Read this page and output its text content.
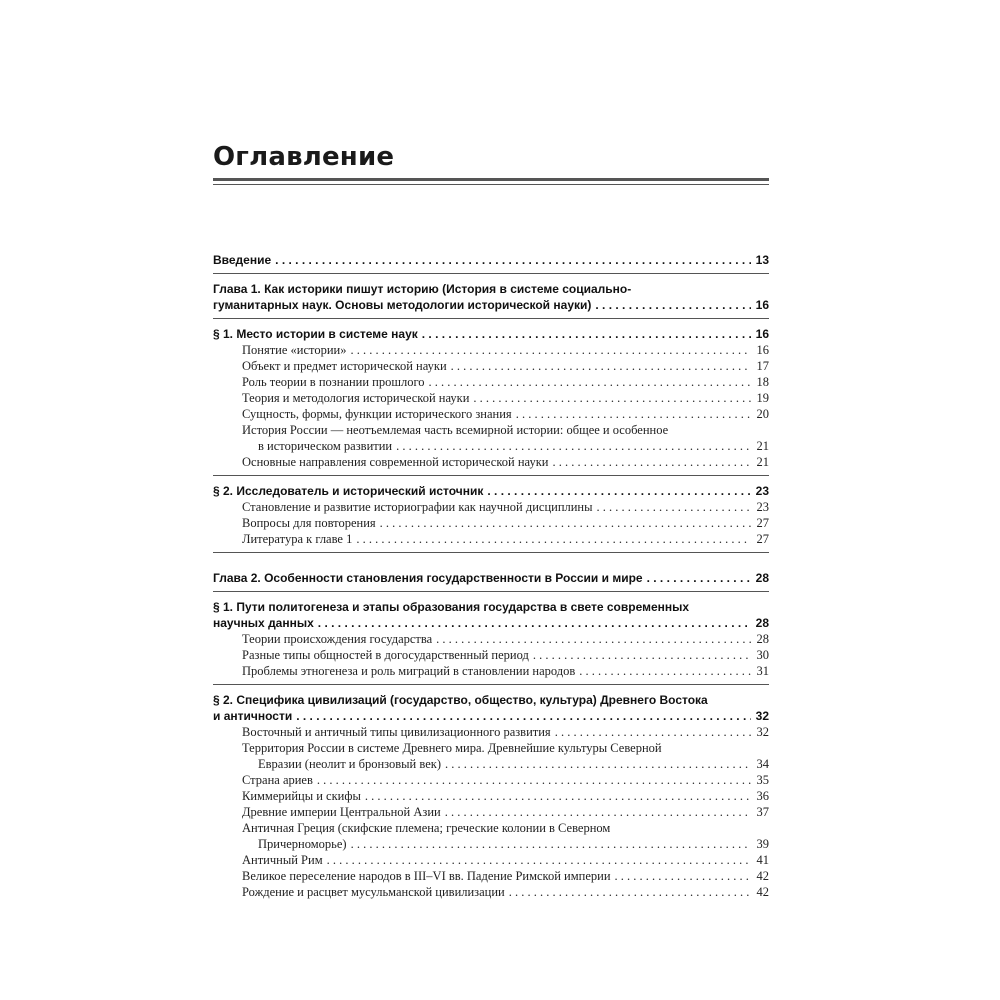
Оглавление
Введение . . .	13
Глава 1. Как историки пишут историю (История в системе социально-
гуманитарных наук. Основы методологии исторической науки) . . .	16
§ 1. Место истории в системе наук . . .	16
Понятие «истории» . . .	16
Объект и предмет исторической науки . . .	17
Роль теории в познании прошлого . . .	18
Теория и методология исторической науки . . .	19
Сущность, формы, функции исторического знания . . .	20
История России — неотъемлемая часть всемирной истории: общее и особенное
в историческом развитии . . .	21
Основные направления современной исторической науки . . .	21
§ 2. Исследователь и исторический источник . . .	23
Становление и развитие историографии как научной дисциплины . . .	23
Вопросы для повторения . . .	27
Литература к главе 1 . . .	27
Глава 2. Особенности становления государственности в России и мире . . .	28
§ 1. Пути политогенеза и этапы образования государства в свете современных
научных данных . . .	28
Теории происхождения государства . . .	28
Разные типы общностей в догосударственный период . . .	30
Проблемы этногенеза и роль миграций в становлении народов . . .	31
§ 2. Специфика цивилизаций (государство, общество, культура) Древнего Востока
и античности . . .	32
Восточный и античный типы цивилизационного развития . . .	32
Территория России в системе Древнего мира. Древнейшие культуры Северной
Евразии (неолит и бронзовый век) . . .	34
Страна ариев . . .	35
Киммерийцы и скифы . . .	36
Древние империи Центральной Азии . . .	37
Античная Греция (скифские племена; греческие колонии в Северном
Причерноморье) . . .	39
Античный Рим . . .	41
Великое переселение народов в III–VI вв. Падение Римской империи . . .	42
Рождение и расцвет мусульманской цивилизации . . .	42
